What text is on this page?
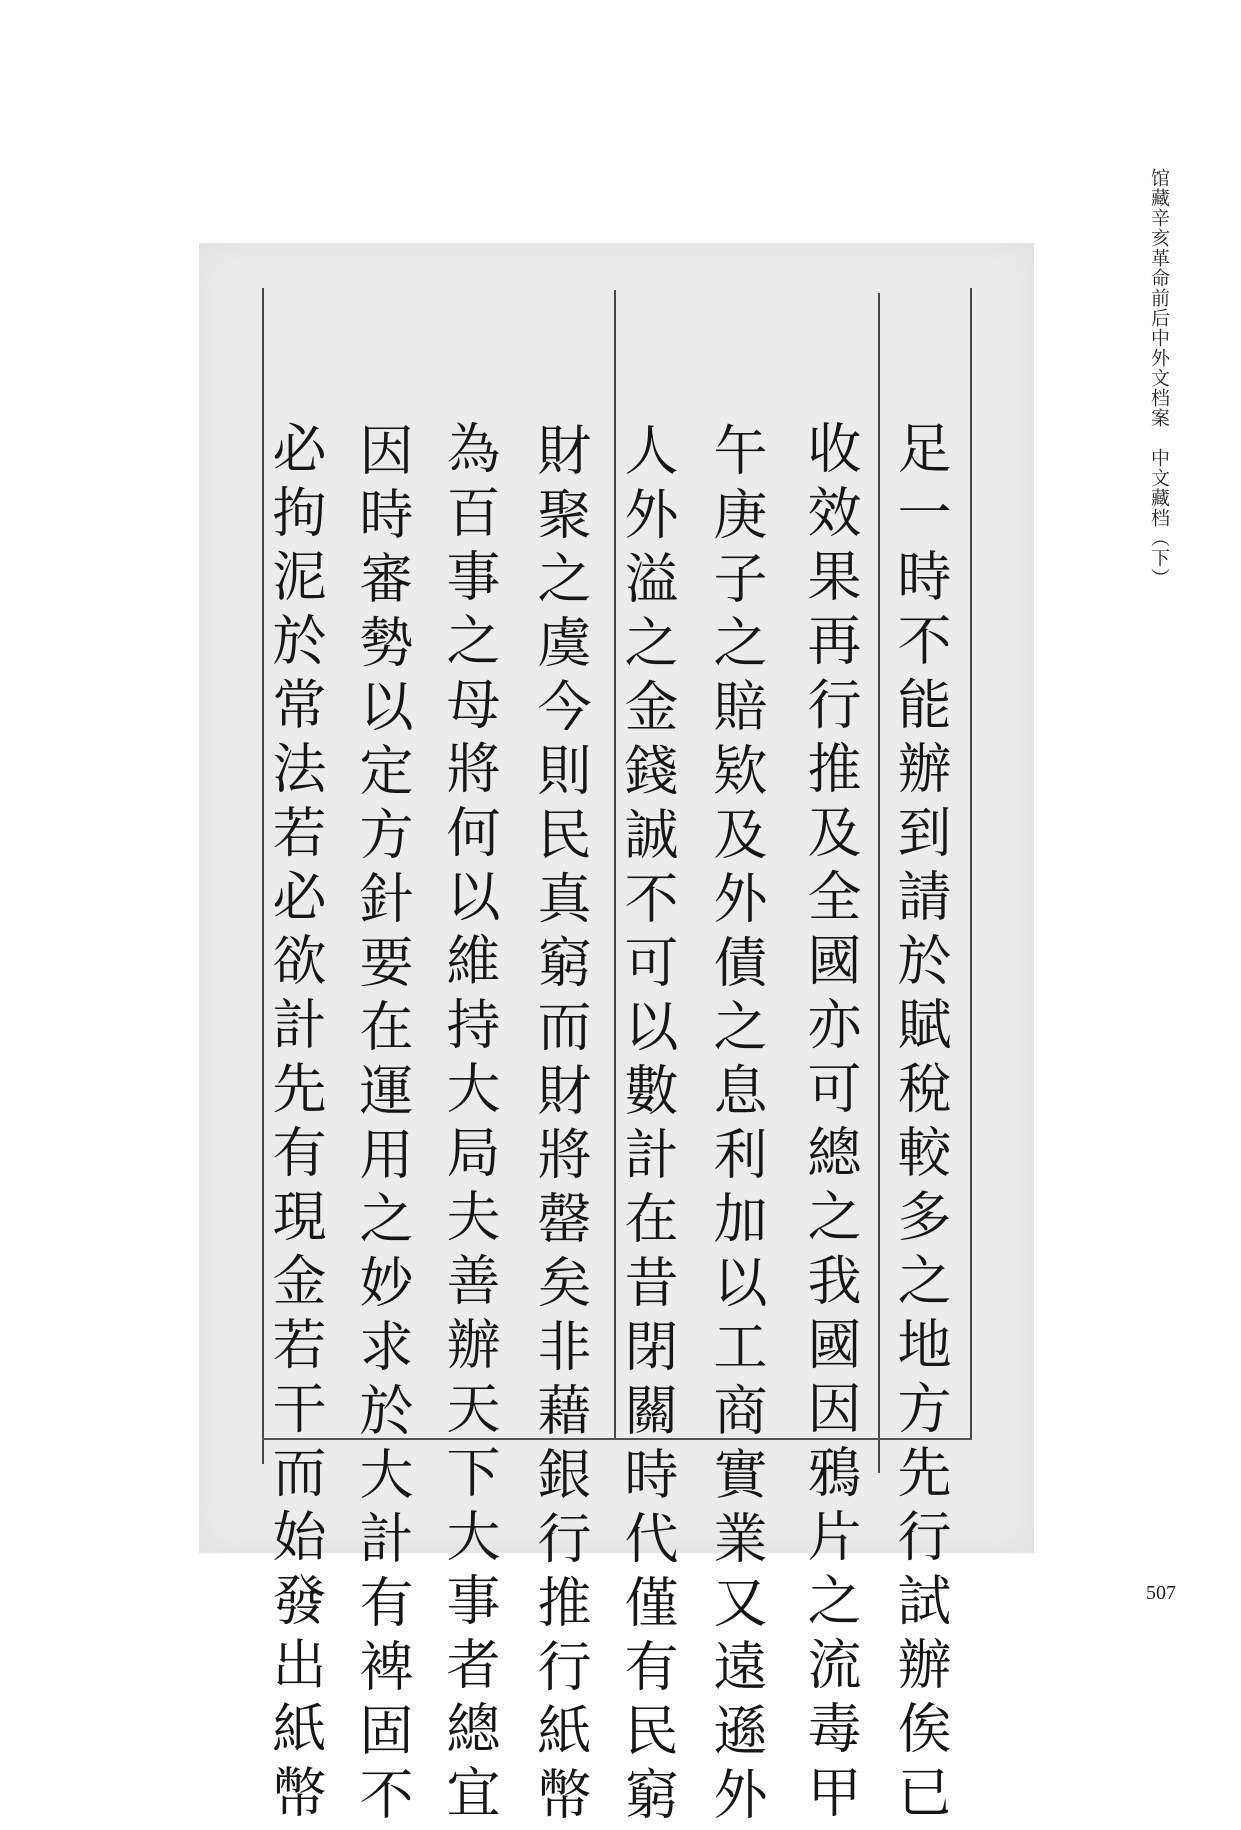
馆藏辛亥革命前后中外文档案　中文藏档（下）
足一時不能辦到請於賦稅較多之地方先行試辦俟已
收效果再行推及全國亦可總之我國因鴉片之流毒甲
午庚子之賠欵及外債之息利加以工商實業又遠遜外
人外溢之金錢誠不可以數計在昔閉關時代僅有民窮
財聚之虞今則民真窮而財將罄矣非藉銀行推行紙幣
為百事之母將何以維持大局夫善辦天下大事者總宜
因時審勢以定方針要在運用之妙求於大計有裨固不
必拘泥於常法若必欲計先有現金若干而始發出紙幣	507
